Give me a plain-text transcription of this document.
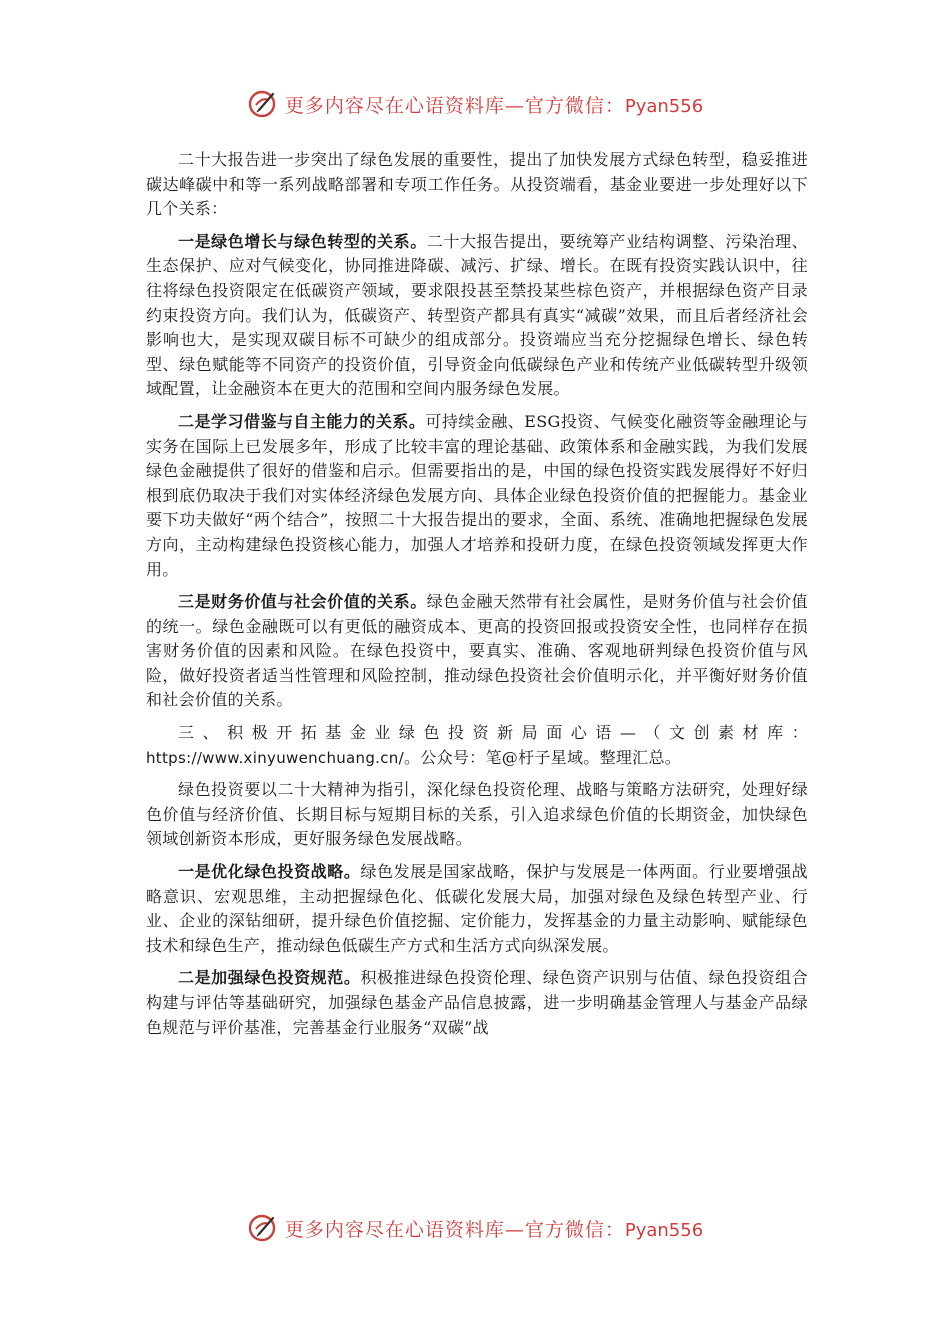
更多内容尽在心语资料库—官方微信：Pyan556

二十大报告进一步突出了绿色发展的重要性，提出了加快发展方式绿色转型，稳妥推进碳达峰碳中和等一系列战略部署和专项工作任务。从投资端看，基金业要进一步处理好以下几个关系：

一是绿色增长与绿色转型的关系。二十大报告提出，要统筹产业结构调整、污染治理、生态保护、应对气候变化，协同推进降碳、减污、扩绿、增长。在既有投资实践认识中，往往将绿色投资限定在低碳资产领域，要求限投甚至禁投某些棕色资产，并根据绿色资产目录约束投资方向。我们认为，低碳资产、转型资产都具有真实“减碳”效果，而且后者经济社会影响也大，是实现双碳目标不可缺少的组成部分。投资端应当充分挖掘绿色增长、绿色转型、绿色赋能等不同资产的投资价值，引导资金向低碳绿色产业和传统产业低碳转型升级领域配置，让金融资本在更大的范围和空间内服务绿色发展。

二是学习借鉴与自主能力的关系。可持续金融、ESG投资、气候变化融资等金融理论与实务在国际上已发展多年，形成了比较丰富的理论基础、政策体系和金融实践，为我们发展绿色金融提供了很好的借鉴和启示。但需要指出的是，中国的绿色投资实践发展得好不好归根到底仍取决于我们对实体经济绿色发展方向、具体企业绿色投资价值的把握能力。基金业要下功夫做好“两个结合”，按照二十大报告提出的要求，全面、系统、准确地把握绿色发展方向，主动构建绿色投资核心能力，加强人才培养和投研力度，在绿色投资领域发挥更大作用。

三是财务价值与社会价值的关系。绿色金融天然带有社会属性，是财务价值与社会价值的统一。绿色金融既可以有更低的融资成本、更高的投资回报或投资安全性，也同样存在损害财务价值的因素和风险。在绿色投资中，要真实、准确、客观地研判绿色投资价值与风险，做好投资者适当性管理和风险控制，推动绿色投资社会价值明示化，并平衡好财务价值和社会价值的关系。

三、积极开拓基金业绿色投资新局面心语—（文创素材库：https://www.xinyuwenchuang.cn/。公众号：笔@杅子星域。整理汇总。

绿色投资要以二十大精神为指引，深化绿色投资伦理、战略与策略方法研究，处理好绿色价值与经济价值、长期目标与短期目标的关系，引入追求绿色价值的长期资金，加快绿色领域创新资本形成，更好服务绿色发展战略。

一是优化绿色投资战略。绿色发展是国家战略，保护与发展是一体两面。行业要增强战略意识、宏观思维，主动把握绿色化、低碳化发展大局，加强对绿色及绿色转型产业、行业、企业的深钻细研，提升绿色价值挖掘、定价能力，发挥基金的力量主动影响、赋能绿色技术和绿色生产，推动绿色低碳生产方式和生活方式向纵深发展。

二是加强绿色投资规范。积极推进绿色投资伦理、绿色资产识别与估值、绿色投资组合构建与评估等基础研究，加强绿色基金产品信息披露，进一步明确基金管理人与基金产品绿色规范与评价基准，完善基金行业服务“双碳”战

更多内容尽在心语资料库—官方微信：Pyan556
